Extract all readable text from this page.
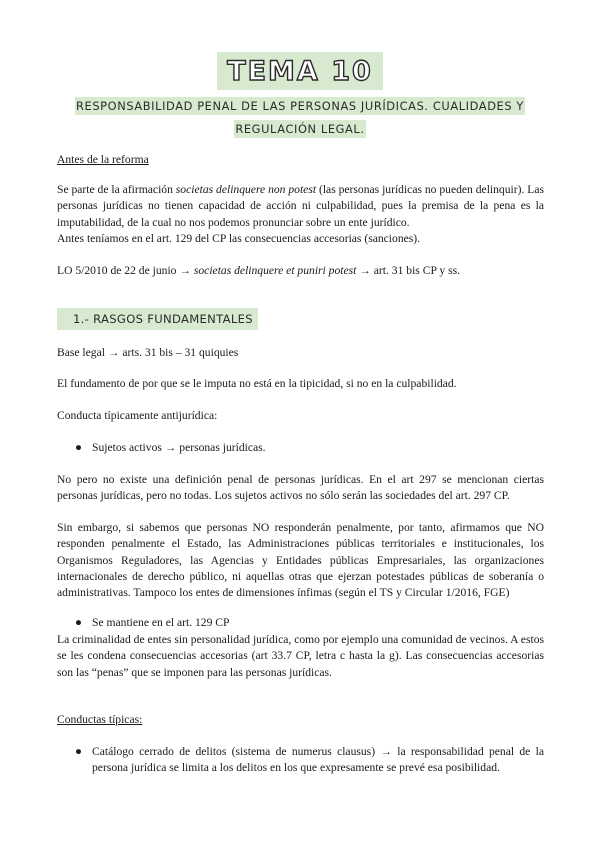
TEMA 10
RESPONSABILIDAD PENAL DE LAS PERSONAS JURÍDICAS. CUALIDADES Y REGULACIÓN LEGAL.
Antes de la reforma
Se parte de la afirmación societas delinquere non potest (las personas jurídicas no pueden delinquir). Las personas jurídicas no tienen capacidad de acción ni culpabilidad, pues la premisa de la pena es la imputabilidad, de la cual no nos podemos pronunciar sobre un ente jurídico.
Antes teníamos en el art. 129 del CP las consecuencias accesorias (sanciones).
LO 5/2010 de 22 de junio → societas delinquere et puniri potest → art. 31 bis CP y ss.
1.- RASGOS FUNDAMENTALES
Base legal → arts. 31 bis – 31 quiquies
El fundamento de por que se le imputa no está en la tipicidad, si no en la culpabilidad.
Conducta típicamente antijurídica:
● Sujetos activos → personas jurídicas.
No pero no existe una definición penal de personas jurídicas. En el art 297 se mencionan ciertas personas jurídicas, pero no todas. Los sujetos activos no sólo serán las sociedades del art. 297 CP.
Sin embargo, si sabemos que personas NO responderán penalmente, por tanto, afirmamos que NO responden penalmente el Estado, las Administraciones públicas territoriales e institucionales, los Organismos Reguladores, las Agencias y Entidades públicas Empresariales, las organizaciones internacionales de derecho público, ni aquellas otras que ejerzan potestades públicas de soberanía o administrativas. Tampoco los entes de dimensiones ínfimas (según el TS y Circular 1/2016, FGE)
● Se mantiene en el art. 129 CP
La criminalidad de entes sin personalidad jurídica, como por ejemplo una comunidad de vecinos. A estos se les condena consecuencias accesorias (art 33.7 CP, letra c hasta la g). Las consecuencias accesorias son las “penas” que se imponen para las personas jurídicas.
Conductas típicas:
● Catálogo cerrado de delitos (sistema de numerus clausus) → la responsabilidad penal de la persona jurídica se limita a los delitos en los que expresamente se prevé esa posibilidad.
